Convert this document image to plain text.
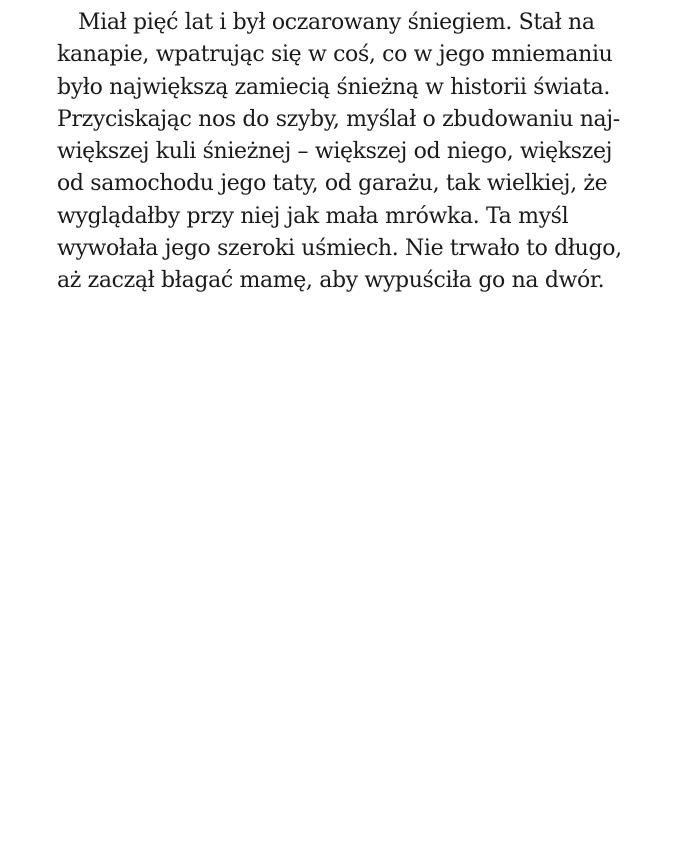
Miał pięć lat i był oczarowany śniegiem. Stał na
kanapie, wpatrując się w coś, co w jego mniemaniu
było największą zamiecią śnieżną w historii świata.
Przyciskając nos do szyby, myślał o zbudowaniu naj-
większej kuli śnieżnej – większej od niego, większej
od samochodu jego taty, od garażu, tak wielkiej, że
wyglądałby przy niej jak mała mrówka. Ta myśl
wywołała jego szeroki uśmiech. Nie trwało to długo,
aż zaczął błagać mamę, aby wypuściła go na dwór.
